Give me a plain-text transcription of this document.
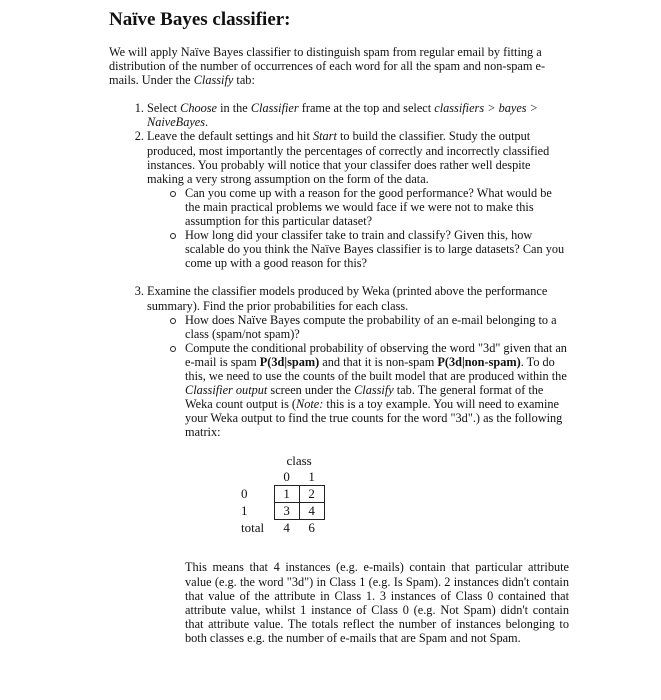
Naïve Bayes classifier:

We will apply Naïve Bayes classifier to distinguish spam from regular email by fitting a distribution of the number of occurrences of each word for all the spam and non-spam e-mails. Under the Classify tab:

1. Select Choose in the Classifier frame at the top and select classifiers > bayes > NaiveBayes.
2. Leave the default settings and hit Start to build the classifier. Study the output produced, most importantly the percentages of correctly and incorrectly classified instances. You probably will notice that your classifer does rather well despite making a very strong assumption on the form of the data.
Can you come up with a reason for the good performance? What would be the main practical problems we would face if we were not to make this assumption for this particular dataset?
How long did your classifer take to train and classify? Given this, how scalable do you think the Naïve Bayes classifier is to large datasets? Can you come up with a good reason for this?
3. Examine the classifier models produced by Weka (printed above the performance summary). Find the prior probabilities for each class.
How does Naïve Bayes compute the probability of an e-mail belonging to a class (spam/not spam)?
Compute the conditional probability of observing the word "3d" given that an e-mail is spam P(3d|spam) and that it is non-spam P(3d|non-spam). To do this, we need to use the counts of the built model that are produced within the Classifier output screen under the Classify tab. The general format of the Weka count output is (Note: this is a toy example. You will need to examine your Weka output to find the true counts for the word "3d".) as the following matrix:
	class	
	0	1
0	1	2
1	3	4
total	4	6

This means that 4 instances (e.g. e-mails) contain that particular attribute value (e.g. the word "3d") in Class 1 (e.g. Is Spam). 2 instances didn't contain that value of the attribute in Class 1. 3 instances of Class 0 contained that attribute value, whilst 1 instance of Class 0 (e.g. Not Spam) didn't contain that attribute value. The totals reflect the number of instances belonging to both classes e.g. the number of e-mails that are Spam and not Spam.
